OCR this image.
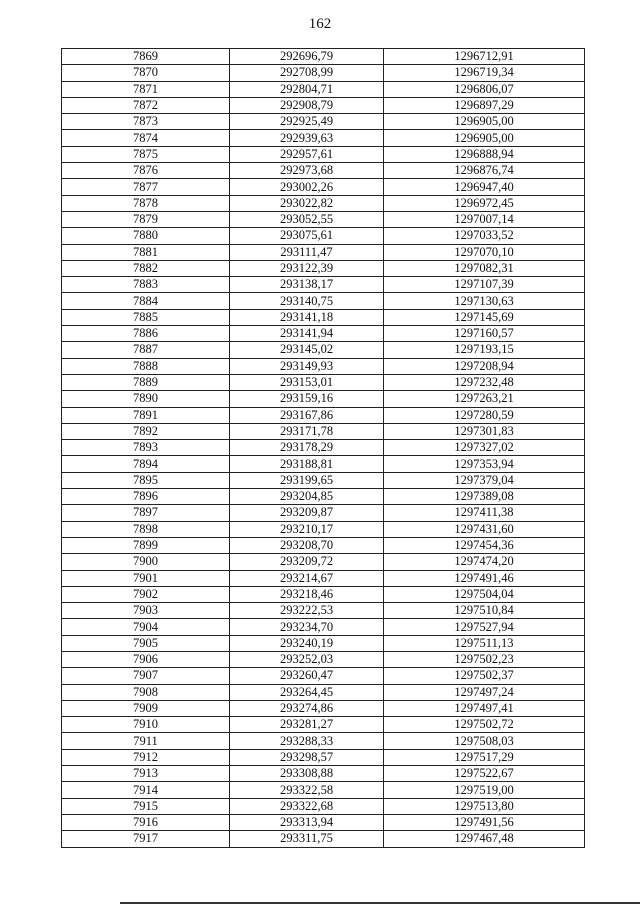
162
7869	292696,79	1296712,91
7870	292708,99	1296719,34
7871	292804,71	1296806,07
7872	292908,79	1296897,29
7873	292925,49	1296905,00
7874	292939,63	1296905,00
7875	292957,61	1296888,94
7876	292973,68	1296876,74
7877	293002,26	1296947,40
7878	293022,82	1296972,45
7879	293052,55	1297007,14
7880	293075,61	1297033,52
7881	293111,47	1297070,10
7882	293122,39	1297082,31
7883	293138,17	1297107,39
7884	293140,75	1297130,63
7885	293141,18	1297145,69
7886	293141,94	1297160,57
7887	293145,02	1297193,15
7888	293149,93	1297208,94
7889	293153,01	1297232,48
7890	293159,16	1297263,21
7891	293167,86	1297280,59
7892	293171,78	1297301,83
7893	293178,29	1297327,02
7894	293188,81	1297353,94
7895	293199,65	1297379,04
7896	293204,85	1297389,08
7897	293209,87	1297411,38
7898	293210,17	1297431,60
7899	293208,70	1297454,36
7900	293209,72	1297474,20
7901	293214,67	1297491,46
7902	293218,46	1297504,04
7903	293222,53	1297510,84
7904	293234,70	1297527,94
7905	293240,19	1297511,13
7906	293252,03	1297502,23
7907	293260,47	1297502,37
7908	293264,45	1297497,24
7909	293274,86	1297497,41
7910	293281,27	1297502,72
7911	293288,33	1297508,03
7912	293298,57	1297517,29
7913	293308,88	1297522,67
7914	293322,58	1297519,00
7915	293322,68	1297513,80
7916	293313,94	1297491,56
7917	293311,75	1297467,48
